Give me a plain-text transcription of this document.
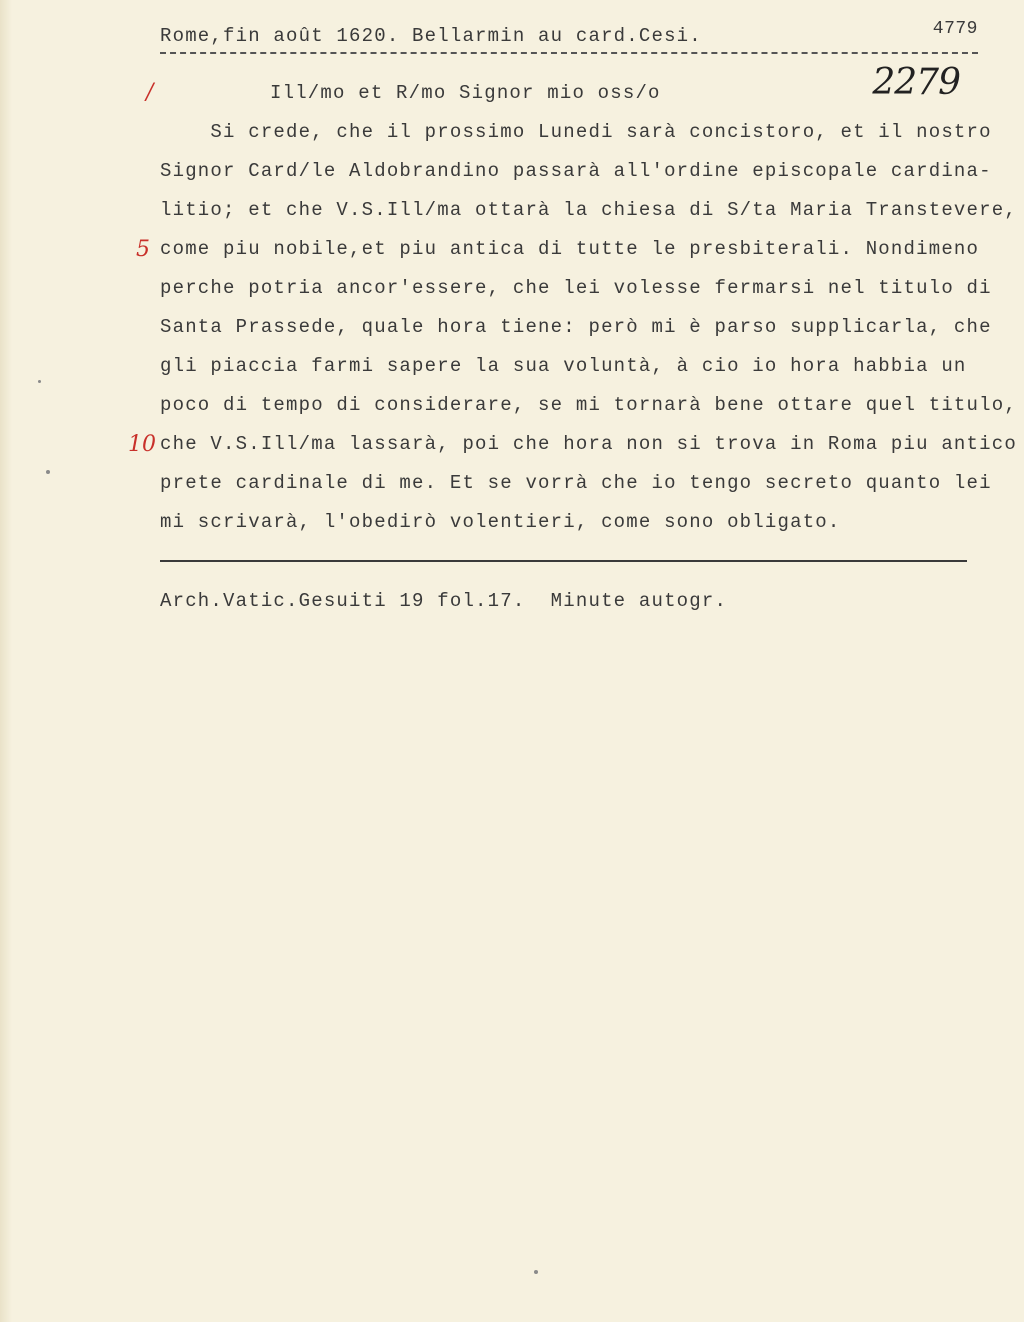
Rome,fin août 1620. Bellarmin au card.Cesi.	4779
2279
/
5
10
Ill/mo et R/mo Signor mio oss/o
Si crede, che il prossimo Lunedi sarà concistoro, et il nostro
Signor Card/le Aldobrandino passarà all'ordine episcopale cardina-
litio; et che V.S.Ill/ma ottarà la chiesa di S/ta Maria Transtevere,
come piu nobile,et piu antica di tutte le presbiterali. Nondimeno
perche potria ancor'essere, che lei volesse fermarsi nel titulo di
Santa Prassede, quale hora tiene: però mi è parso supplicarla, che
gli piaccia farmi sapere la sua voluntà, à cio io hora habbia un
poco di tempo di considerare, se mi tornarà bene ottare quel titulo,
che V.S.Ill/ma lassarà, poi che hora non si trova in Roma piu antico
prete cardinale di me. Et se vorrà che io tengo secreto quanto lei
mi scrivarà, l'obedirò volentieri, come sono obligato.
Arch.Vatic.Gesuiti 19 fol.17.  Minute autogr.
